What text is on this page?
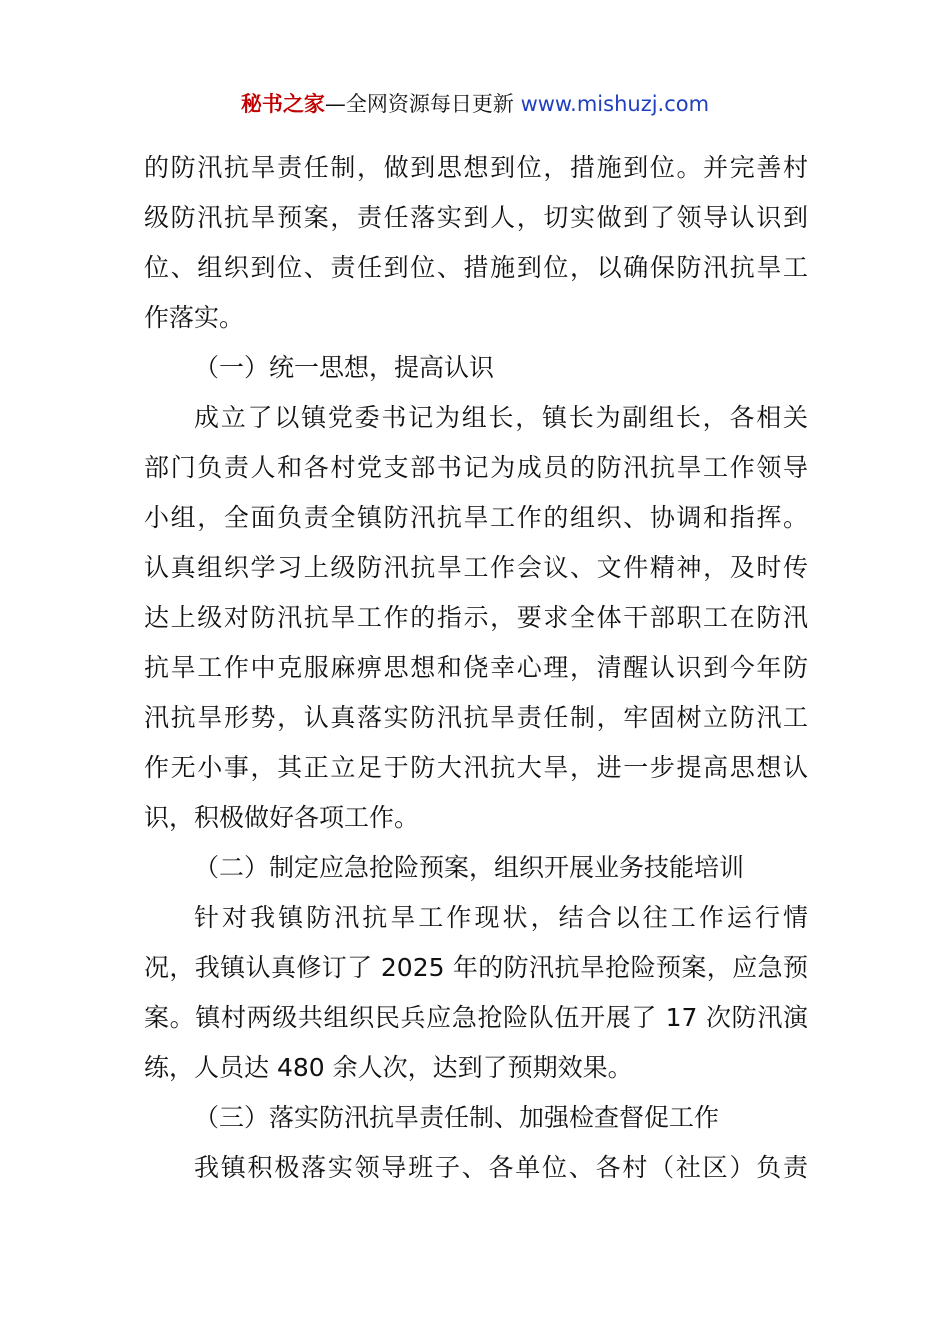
秘书之家—全网资源每日更新 www.mishuzj.com
的防汛抗旱责任制，做到思想到位，措施到位。并完善村
级防汛抗旱预案，责任落实到人，切实做到了领导认识到
位、组织到位、责任到位、措施到位，以确保防汛抗旱工
作落实。
（一）统一思想，提高认识
成立了以镇党委书记为组长，镇长为副组长，各相关
部门负责人和各村党支部书记为成员的防汛抗旱工作领导
小组，全面负责全镇防汛抗旱工作的组织、协调和指挥。
认真组织学习上级防汛抗旱工作会议、文件精神，及时传
达上级对防汛抗旱工作的指示，要求全体干部职工在防汛
抗旱工作中克服麻痹思想和侥幸心理，清醒认识到今年防
汛抗旱形势，认真落实防汛抗旱责任制，牢固树立防汛工
作无小事，其正立足于防大汛抗大旱，进一步提高思想认
识，积极做好各项工作。
（二）制定应急抢险预案，组织开展业务技能培训
针对我镇防汛抗旱工作现状，结合以往工作运行情
况，我镇认真修订了 2025 年的防汛抗旱抢险预案，应急预
案。镇村两级共组织民兵应急抢险队伍开展了 17 次防汛演
练，人员达 480 余人次，达到了预期效果。
（三）落实防汛抗旱责任制、加强检查督促工作
我镇积极落实领导班子、各单位、各村（社区）负责
